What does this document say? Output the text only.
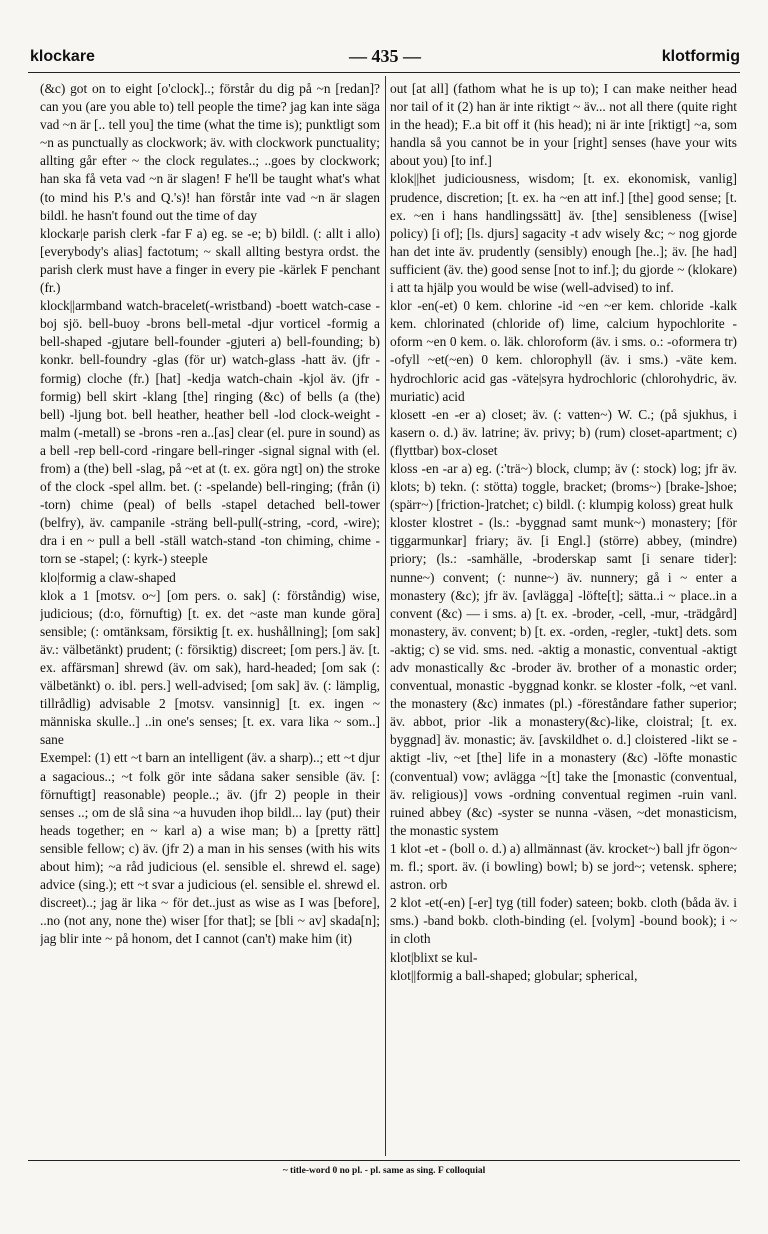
klockare	— 435 —	klotformig

(&c) got on to eight [o'clock]..; förstår du dig på ~n [redan]? can you (are you able to) tell people the time? jag kan inte säga vad ~n är [.. tell you] the time (what the time is); punktligt som ~n as punctually as clockwork; äv. with clockwork punctuality; allting går efter ~ the clock regulates..; ..goes by clockwork; han ska få veta vad ~n är slagen! F he'll be taught what's what (to mind his P.'s and Q.'s)! han förstår inte vad ~n är slagen bildl. he hasn't found out the time of day

klockar|e parish clerk -far F a) eg. se -e; b) bildl. (: allt i allo) [everybody's alias] factotum; ~ skall allting bestyra ordst. the parish clerk must have a finger in every pie -kärlek F penchant (fr.)

klock||armband watch-bracelet(-wristband) -boett watch-case -boj sjö. bell-buoy -brons bell-metal -djur vorticel -formig a bell-shaped -gjutare bell-founder -gjuteri a) bell-founding; b) konkr. bell-foundry -glas (för ur) watch-glass -hatt äv. (jfr -formig) cloche (fr.) [hat] -kedja watch-chain -kjol äv. (jfr -formig) bell skirt -klang [the] ringing (&c) of bells (a (the) bell) -ljung bot. bell heather, heather bell -lod clock-weight -malm (-metall) se -brons -ren a..[as] clear (el. pure in sound) as a bell -rep bell-cord -ringare bell-ringer -signal signal with (el. from) a (the) bell -slag, på ~et at (t. ex. göra ngt] on) the stroke of the clock -spel allm. bet. (: -spelande) bell-ringing; (från (i) -torn) chime (peal) of bells -stapel detached bell-tower (belfry), äv. campanile -sträng bell-pull(-string, -cord, -wire); dra i en ~ pull a bell -ställ watch-stand -ton chiming, chime -torn se -stapel; (: kyrk-) steeple

klo|formig a claw-shaped

klok a 1 [motsv. o~] [om pers. o. sak] (: förståndig) wise, judicious; (d:o, förnuftig) [t. ex. det ~aste man kunde göra] sensible; (: omtänksam, försiktig [t. ex. hushållning]; [om sak] äv.: välbetänkt) prudent; (: försiktig) discreet; [om pers.] äv. [t. ex. affärsman] shrewd (äv. om sak), hard-headed; [om sak (: välbetänkt) o. ibl. pers.] well-advised; [om sak] äv. (: lämplig, tillrådlig) advisable 2 [motsv. vansinnig] [t. ex. ingen ~ människa skulle..] ..in one's senses; [t. ex. vara lika ~ som..] sane

Exempel: (1) ett ~t barn an intelligent (äv. a sharp)..; ett ~t djur a sagacious..; ~t folk gör inte sådana saker sensible (äv. [: förnuftigt] reasonable) people..; äv. (jfr 2) people in their senses ..; om de slå sina ~a huvuden ihop bildl... lay (put) their heads together; en ~ karl a) a wise man; b) a [pretty rätt] sensible fellow; c) äv. (jfr 2) a man in his senses (with his wits about him); ~a råd judicious (el. sensible el. shrewd el. sage) advice (sing.); ett ~t svar a judicious (el. sensible el. shrewd el. discreet)..; jag är lika ~ för det..just as wise as I was [before], ..no (not any, none the) wiser [for that]; se [bli ~ av] skada[n]; jag blir inte ~ på honom, det I cannot (can't) make him (it)

out [at all] (fathom what he is up to); I can make neither head nor tail of it (2) han är inte riktigt ~ äv... not all there (quite right in the head); F..a bit off it (his head); ni är inte [riktigt] ~a, som handla så you cannot be in your [right] senses (have your wits about you) [to inf.]

klok||het judiciousness, wisdom; [t. ex. ekonomisk, vanlig] prudence, discretion; [t. ex. ha ~en att inf.] [the] good sense; [t. ex. ~en i hans handlingssätt] äv. [the] sensibleness ([wise] policy) [i of]; [ls. djurs] sagacity -t adv wisely &c; ~ nog gjorde han det inte äv. prudently (sensibly) enough [he..]; äv. [he had] sufficient (äv. the) good sense [not to inf.]; du gjorde ~ (klokare) i att ta hjälp you would be wise (well-advised) to inf.

klor -en(-et) 0 kem. chlorine -id ~en ~er kem. chloride -kalk kem. chlorinated (chloride of) lime, calcium hypochlorite -oform ~en 0 kem. o. läk. chloroform (äv. i sms. o.: -oformera tr) -ofyll ~et(~en) 0 kem. chlorophyll (äv. i sms.) -väte kem. hydrochloric acid gas -väte|syra hydrochloric (chlorohydric, äv. muriatic) acid

klosett -en -er a) closet; äv. (: vatten~) W. C.; (på sjukhus, i kasern o. d.) äv. latrine; äv. privy; b) (rum) closet-apartment; c) (flyttbar) box-closet

kloss -en -ar a) eg. (:'trä~) block, clump; äv (: stock) log; jfr äv. klots; b) tekn. (: stötta) toggle, bracket; (broms~) [brake-]shoe; (spärr~) [friction-]ratchet; c) bildl. (: klumpig koloss) great hulk

kloster klostret - (ls.: -byggnad samt munk~) monastery; [för tiggarmunkar] friary; äv. [i Engl.] (större) abbey, (mindre) priory; (ls.: -samhälle, -broderskap samt [i senare tider]: nunne~) convent; (: nunne~) äv. nunnery; gå i ~ enter a monastery (&c); jfr äv. [avlägga] -löfte[t]; sätta..i ~ place..in a convent (&c) — i sms. a) [t. ex. -broder, -cell, -mur, -trädgård] monastery, äv. convent; b) [t. ex. -orden, -regler, -tukt] dets. som -aktig; c) se vid. sms. ned. -aktig a monastic, conventual -aktigt adv monastically &c -broder äv. brother of a monastic order; conventual, monastic -byggnad konkr. se kloster -folk, ~et vanl. the monastery (&c) inmates (pl.) -föreståndare father superior; äv. abbot, prior -lik a monastery(&c)-like, cloistral; [t. ex. byggnad] äv. monastic; äv. [avskildhet o. d.] cloistered -likt se -aktigt -liv, ~et [the] life in a monastery (&c) -löfte monastic (conventual) vow; avlägga ~[t] take the [monastic (conventual, äv. religious)] vows -ordning conventual regimen -ruin vanl. ruined abbey (&c) -syster se nunna -väsen, ~det monasticism, the monastic system

1 klot -et - (boll o. d.) a) allmännast (äv. krocket~) ball jfr ögon~ m. fl.; sport. äv. (i bowling) bowl; b) se jord~; vetensk. sphere; astron. orb

2 klot -et(-en) [-er] tyg (till foder) sateen; bokb. cloth (båda äv. i sms.) -band bokb. cloth-binding (el. [volym] -bound book); i ~ in cloth

klot|blixt se kul-

klot||formig a ball-shaped; globular; spherical,

~ title-word 0 no pl. - pl. same as sing. F colloquial
